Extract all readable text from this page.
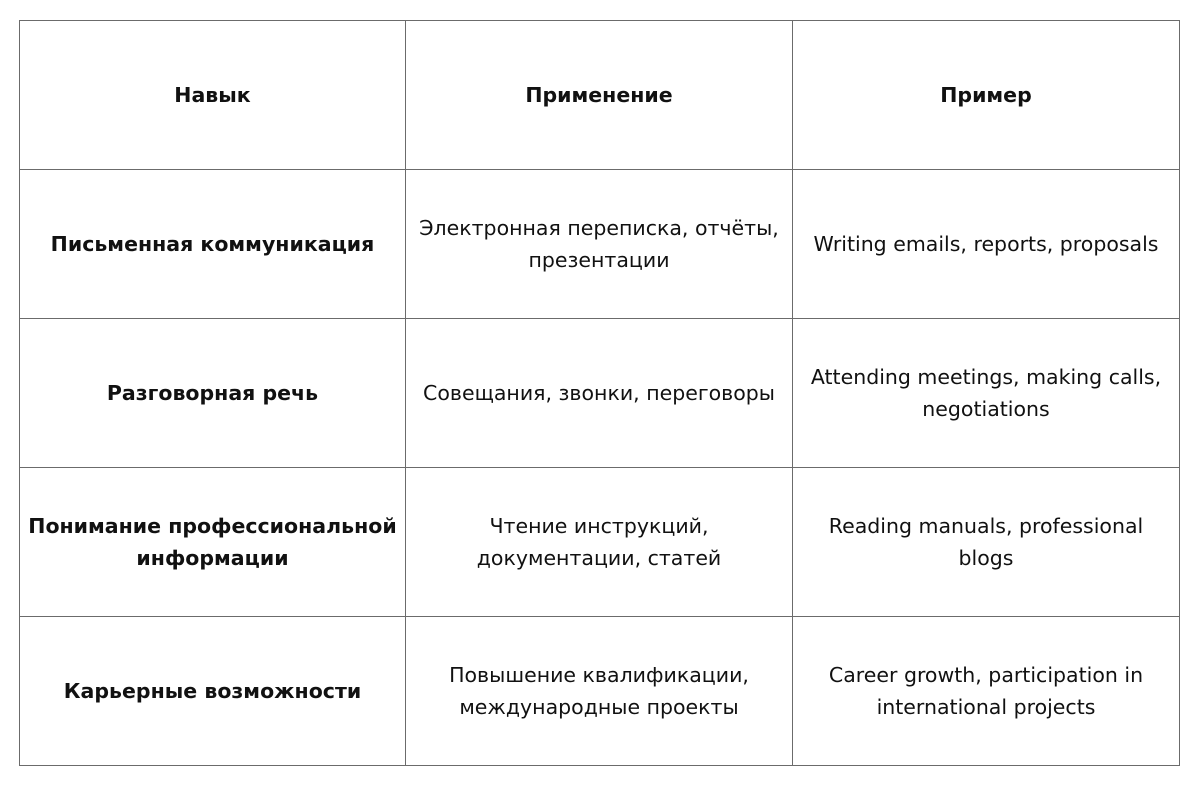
Навык	Применение	Пример
Письменная коммуникация	Электронная переписка, отчёты, презентации	Writing emails, reports, proposals
Разговорная речь	Совещания, звонки, переговоры	Attending meetings, making calls, negotiations
Понимание профессиональной информации	Чтение инструкций, документации, статей	Reading manuals, professional blogs
Карьерные возможности	Повышение квалификации, международные проекты	Career growth, participation in international projects
